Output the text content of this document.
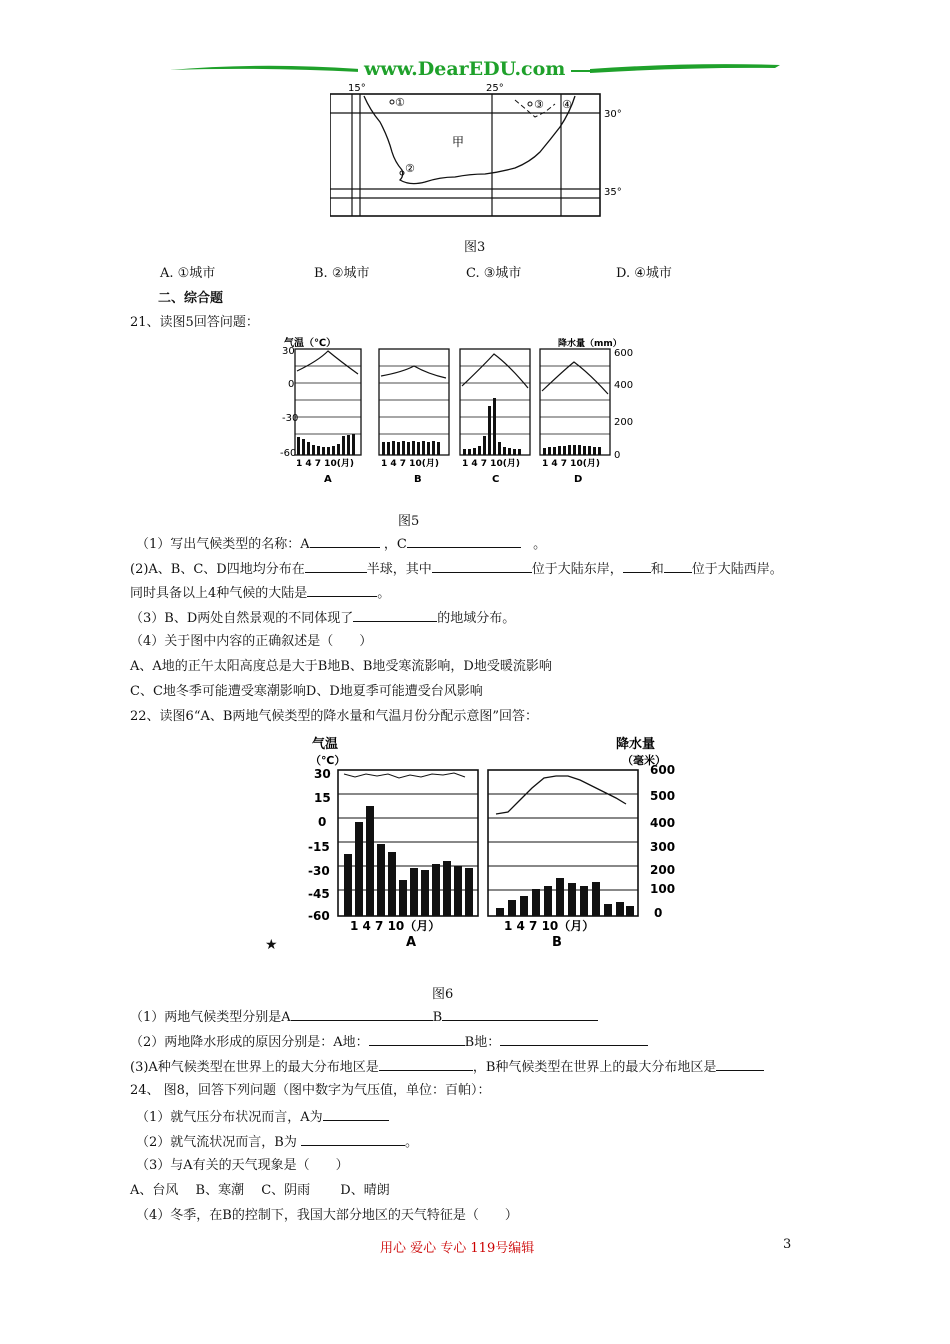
www.DearEDU.com
15°	25°
30°
35°
①
②
③ ④
甲
图3
A. ①城市	B. ②城市	C. ③城市	D. ④城市
二、综合题
21、读图5回答问题：
气温（℃）	降水量（mm）
30
0
-30
-60
600
400
200
0
1 4 7 10(月)
A
1 4 7 10(月)
B
1 4 7 10(月)
C
1 4 7 10(月)
D
图5
（1）写出气候类型的名称：A	，C	。
(2)A、B、C、D四地均分布在	半球，其中	位于大陆东岸， 和 位于大陆西岸。
同时具备以上4种气候的大陆是	。
（3）B、D两处自然景观的不同体现了	的地域分布。
（4）关于图中内容的正确叙述是（　　）
A、A地的正午太阳高度总是大于B地B、B地受寒流影响，D地受暖流影响
C、C地冬季可能遭受寒潮影响D、D地夏季可能遭受台风影响
22、读图6“A、B两地气候类型的降水量和气温月份分配示意图”回答：
气温
（℃）
降水量
（毫米）
30
15
0
-15
-30
-45
-60
600
500
400
300
200
100
0
1 4 7 10（月）
A
1 4 7 10（月）
B
★
图6
（1）两地气候类型分别是A	B
（2）两地降水形成的原因分别是：A地：	B地：
(3)A种气候类型在世界上的最大分布地区是	，B种气候类型在世界上的最大分布地区是
24、 图8，回答下列问题（图中数字为气压值，单位：百帕）：
（1）就气压分布状况而言，A为
（2）就气流状况而言，B为	。
（3）与A有关的天气现象是（　　）
A、台风　 B、寒潮　 C、阴雨　　 D、晴朗
（4）冬季，在B的控制下，我国大部分地区的天气特征是（　　）
用心 爱心 专心 119号编辑	3
